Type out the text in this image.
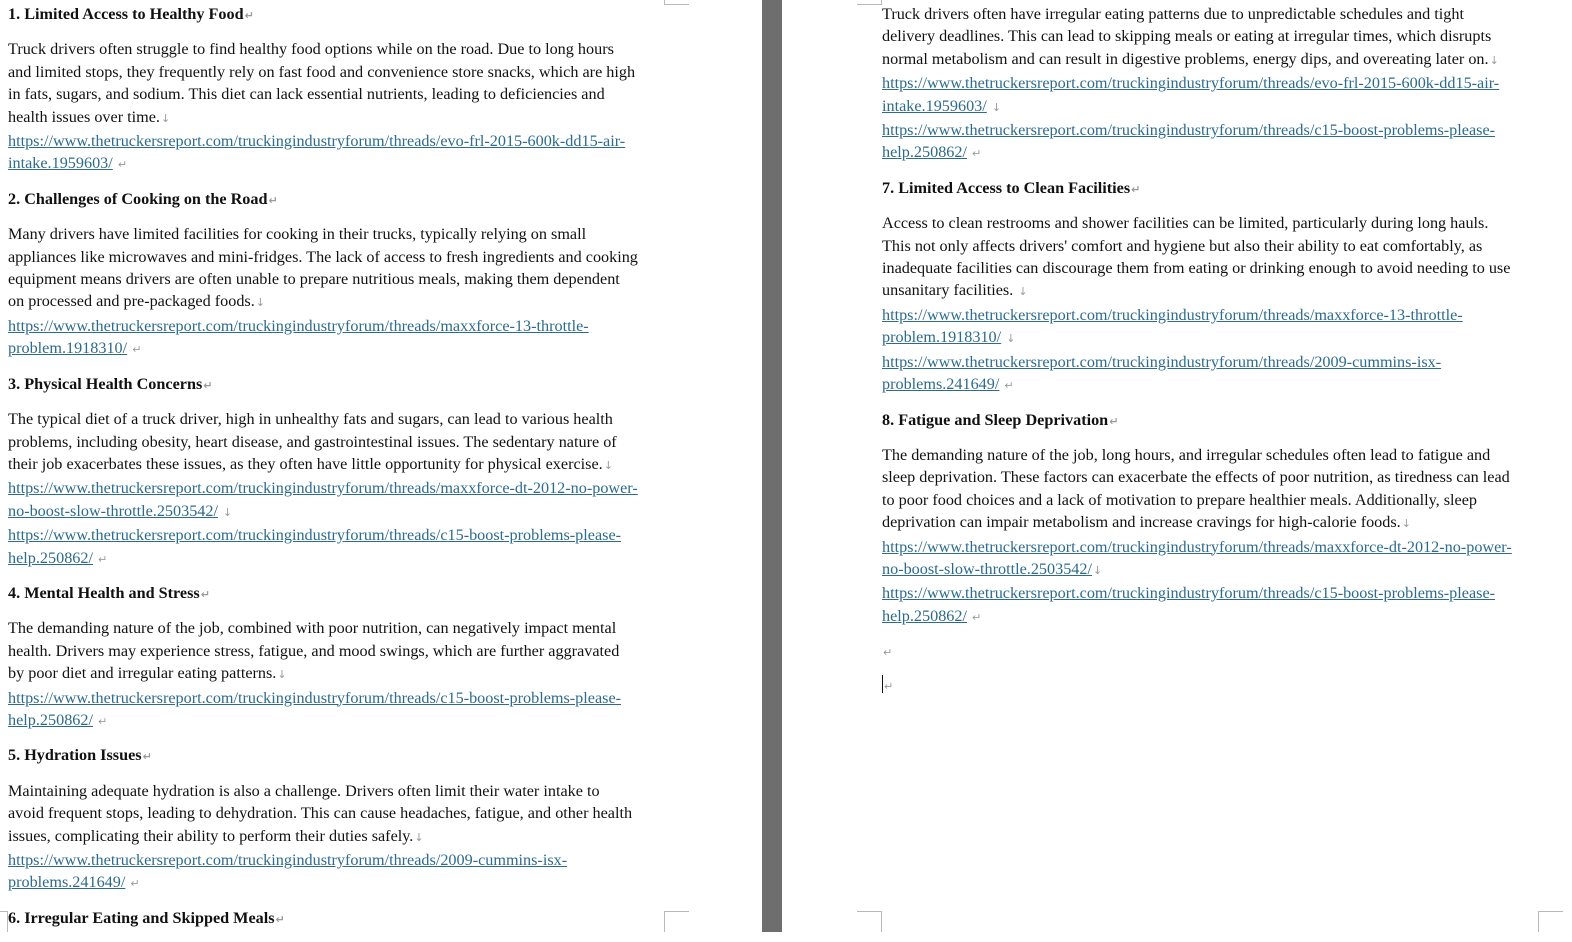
1. Limited Access to Healthy Food↵
Truck drivers often struggle to find healthy food options while on the road. Due to long hours
and limited stops, they frequently rely on fast food and convenience store snacks, which are high
in fats, sugars, and sodium. This diet can lack essential nutrients, leading to deficiencies and
health issues over time.↓
https://www.thetruckersreport.com/truckingindustryforum/threads/evo-frl-2015-600k-dd15-air-
intake.1959603/ ↵
2. Challenges of Cooking on the Road↵
Many drivers have limited facilities for cooking in their trucks, typically relying on small
appliances like microwaves and mini-fridges. The lack of access to fresh ingredients and cooking
equipment means drivers are often unable to prepare nutritious meals, making them dependent
on processed and pre-packaged foods.↓
https://www.thetruckersreport.com/truckingindustryforum/threads/maxxforce-13-throttle-
problem.1918310/ ↵
3. Physical Health Concerns↵
The typical diet of a truck driver, high in unhealthy fats and sugars, can lead to various health
problems, including obesity, heart disease, and gastrointestinal issues. The sedentary nature of
their job exacerbates these issues, as they often have little opportunity for physical exercise.↓
https://www.thetruckersreport.com/truckingindustryforum/threads/maxxforce-dt-2012-no-power-
no-boost-slow-throttle.2503542/ ↓
https://www.thetruckersreport.com/truckingindustryforum/threads/c15-boost-problems-please-
help.250862/ ↵
4. Mental Health and Stress↵
The demanding nature of the job, combined with poor nutrition, can negatively impact mental
health. Drivers may experience stress, fatigue, and mood swings, which are further aggravated
by poor diet and irregular eating patterns.↓
https://www.thetruckersreport.com/truckingindustryforum/threads/c15-boost-problems-please-
help.250862/ ↵
5. Hydration Issues↵
Maintaining adequate hydration is also a challenge. Drivers often limit their water intake to
avoid frequent stops, leading to dehydration. This can cause headaches, fatigue, and other health
issues, complicating their ability to perform their duties safely.↓
https://www.thetruckersreport.com/truckingindustryforum/threads/2009-cummins-isx-
problems.241649/ ↵
6. Irregular Eating and Skipped Meals↵
Truck drivers often have irregular eating patterns due to unpredictable schedules and tight
delivery deadlines. This can lead to skipping meals or eating at irregular times, which disrupts
normal metabolism and can result in digestive problems, energy dips, and overeating later on.↓
https://www.thetruckersreport.com/truckingindustryforum/threads/evo-frl-2015-600k-dd15-air-
intake.1959603/ ↓
https://www.thetruckersreport.com/truckingindustryforum/threads/c15-boost-problems-please-
help.250862/ ↵
7. Limited Access to Clean Facilities↵
Access to clean restrooms and shower facilities can be limited, particularly during long hauls.
This not only affects drivers' comfort and hygiene but also their ability to eat comfortably, as
inadequate facilities can discourage them from eating or drinking enough to avoid needing to use
unsanitary facilities. ↓
https://www.thetruckersreport.com/truckingindustryforum/threads/maxxforce-13-throttle-
problem.1918310/ ↓
https://www.thetruckersreport.com/truckingindustryforum/threads/2009-cummins-isx-
problems.241649/ ↵
8. Fatigue and Sleep Deprivation↵
The demanding nature of the job, long hours, and irregular schedules often lead to fatigue and
sleep deprivation. These factors can exacerbate the effects of poor nutrition, as tiredness can lead
to poor food choices and a lack of motivation to prepare healthier meals. Additionally, sleep
deprivation can impair metabolism and increase cravings for high-calorie foods.↓
https://www.thetruckersreport.com/truckingindustryforum/threads/maxxforce-dt-2012-no-power-
no-boost-slow-throttle.2503542/↓
https://www.thetruckersreport.com/truckingindustryforum/threads/c15-boost-problems-please-
help.250862/ ↵
↵
↵
